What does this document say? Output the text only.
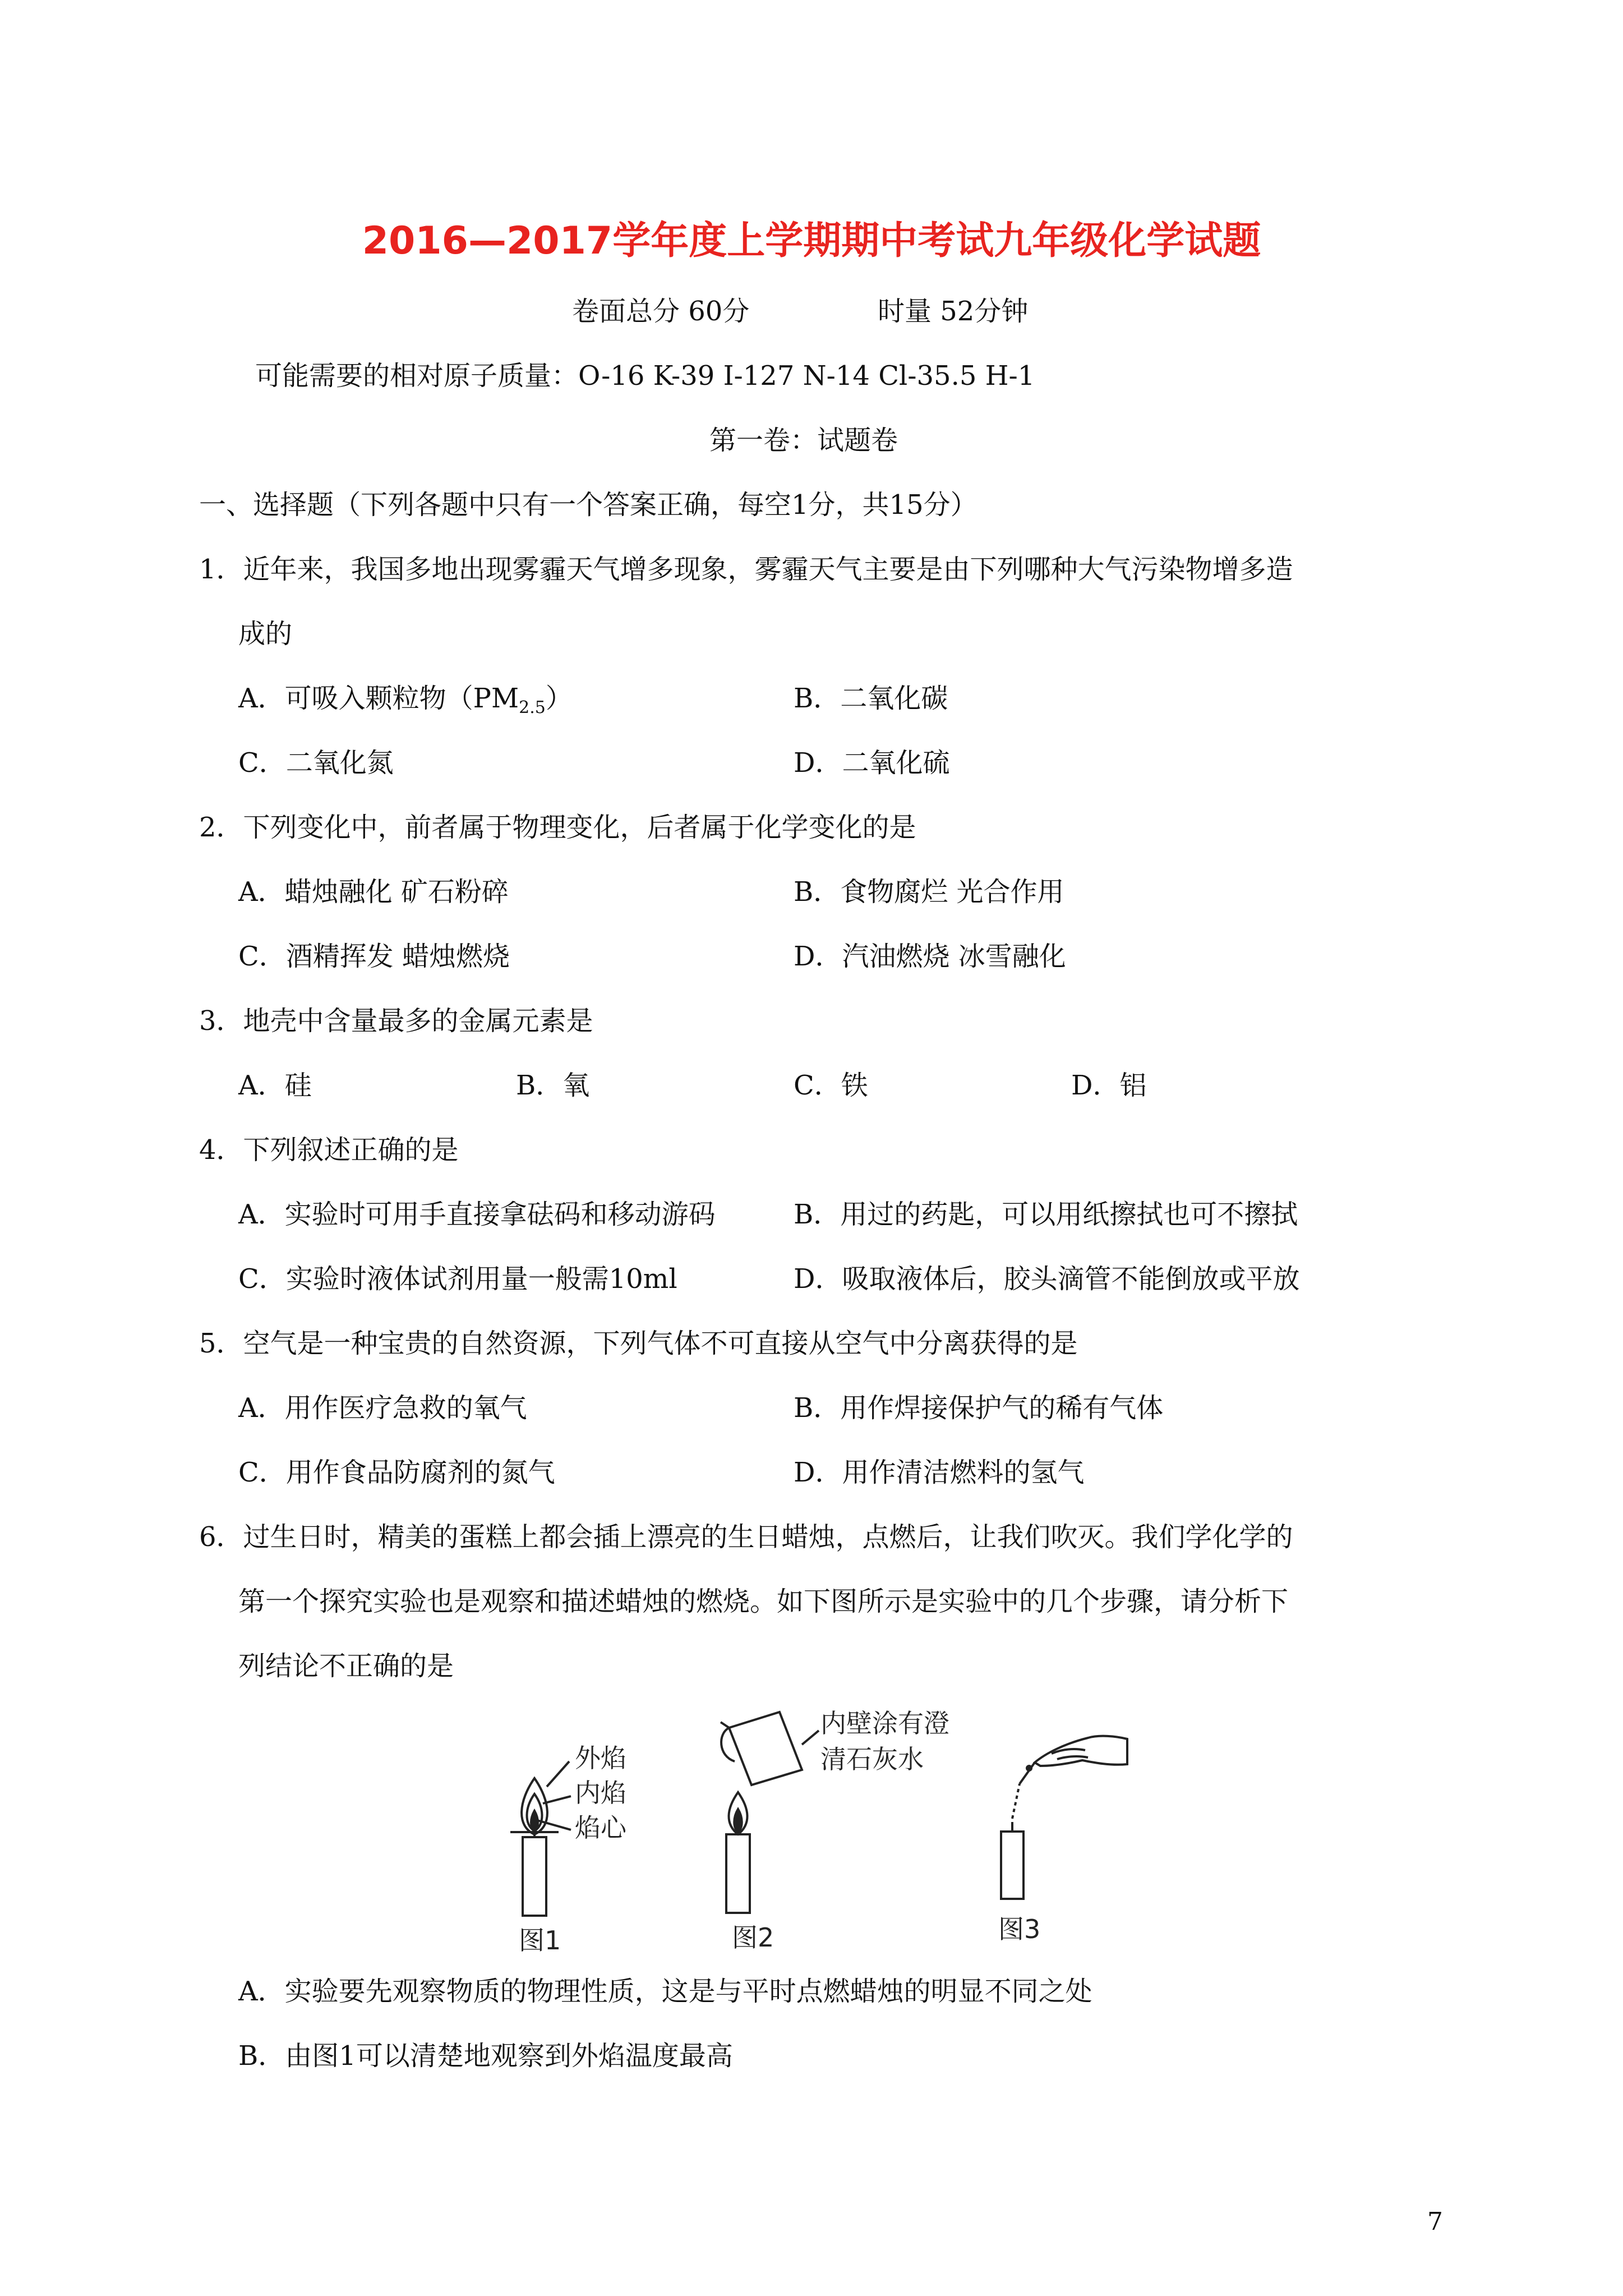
2016—2017学年度上学期期中考试九年级化学试题
卷面总分 60分	时量 52分钟
可能需要的相对原子质量：O-16 K-39 I-127 N-14 Cl-35.5 H-1
第一卷：试题卷
一、选择题（下列各题中只有一个答案正确，每空1分，共15分）
1．近年来，我国多地出现雾霾天气增多现象，雾霾天气主要是由下列哪种大气污染物增多造
成的
A．可吸入颗粒物$(PM_{2.5})$	B．二氧化碳
C．二氧化氮	D．二氧化硫
2．下列变化中，前者属于物理变化，后者属于化学变化的是
A．蜡烛融化 矿石粉碎	B．食物腐烂 光合作用
C．酒精挥发 蜡烛燃烧	D．汽油燃烧 冰雪融化
3．地壳中含量最多的金属元素是
A．硅	B．氧	C．铁	D．铝
4．下列叙述正确的是
A．实验时可用手直接拿砝码和移动游码	B．用过的药匙，可以用纸擦拭也可不擦拭
C．实验时液体试剂用量一般需10ml	D．吸取液体后，胶头滴管不能倒放或平放
5．空气是一种宝贵的自然资源，下列气体不可直接从空气中分离获得的是
A．用作医疗急救的氧气	B．用作焊接保护气的稀有气体
C．用作食品防腐剂的氮气	D．用作清洁燃料的氢气
6．过生日时，精美的蛋糕上都会插上漂亮的生日蜡烛，点燃后，让我们吹灭。我们学化学的
第一个探究实验也是观察和描述蜡烛的燃烧。如下图所示是实验中的几个步骤，请分析下
列结论不正确的是
外焰
内焰
焰心
图1
内壁涂有澄
清石灰水
图2	图3
A．实验要先观察物质的物理性质，这是与平时点燃蜡烛的明显不同之处
B．由图1可以清楚地观察到外焰温度最高
7
